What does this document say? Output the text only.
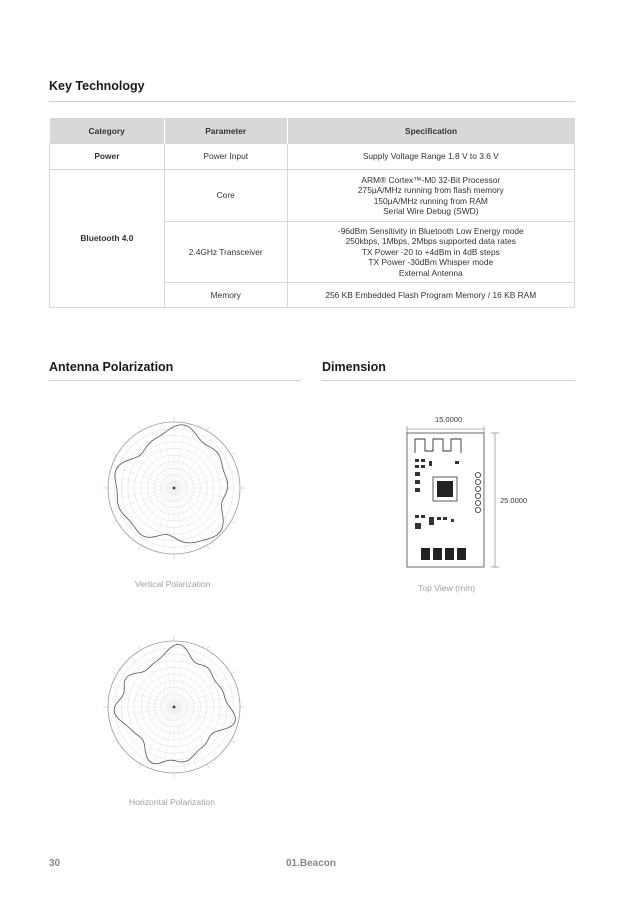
Key Technology
Category	Parameter	Specification
Power	Power Input	Supply Voltage Range 1.8 V to 3.6 V

Bluetooth 4.0	Core	ARM® Cortex™-M0 32-Bit Processor
275μA/MHz running from flash memory
150μA/MHz running from RAM
Serial Wire Debug (SWD)

	2.4GHz Transceiver	-96dBm Sensitivity in Bluetooth Low Energy mode
250kbps, 1Mbps, 2Mbps supported data rates
TX Power -20 to +4dBm in 4dB steps
TX Power -30dBm Whisper mode
External Antenna

	Memory	256 KB Embedded Flash Program Memory / 16 KB RAM
Antenna Polarization
Vertical Polarization
Horizontal Polarization
Dimension
15.0000
25.0000
Top View (mm)
30	01.Beacon
